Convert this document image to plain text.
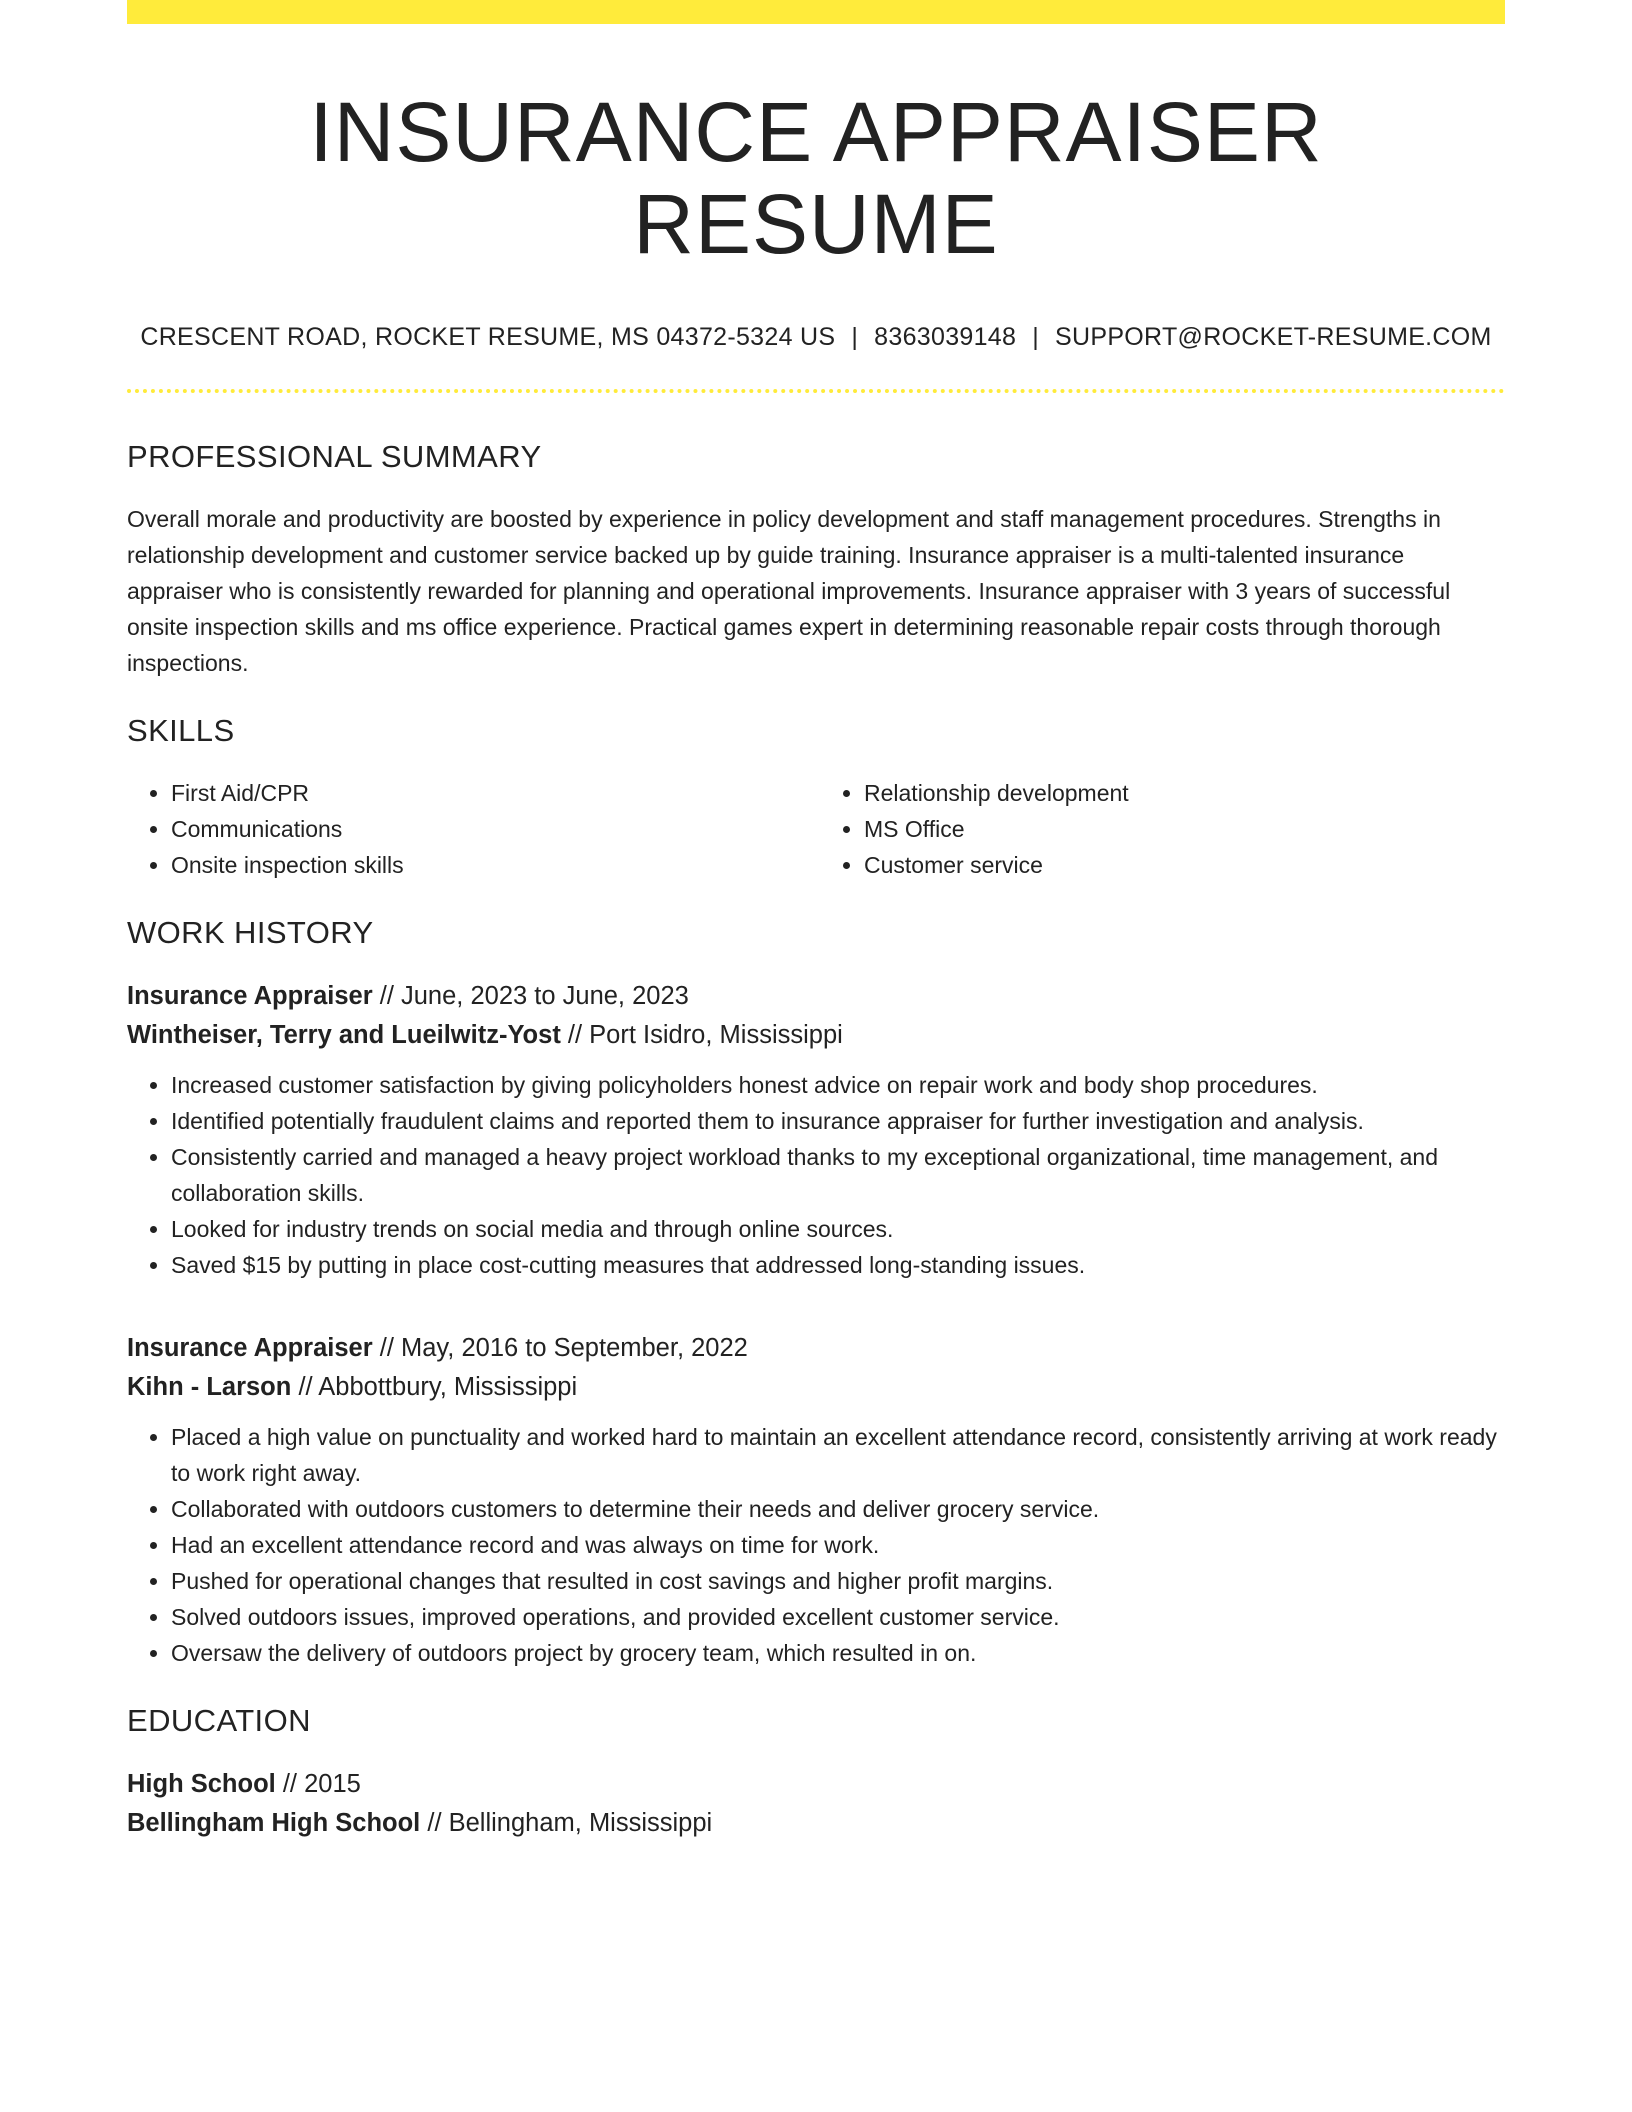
INSURANCE APPRAISER RESUME
CRESCENT ROAD, ROCKET RESUME, MS 04372-5324 US | 8363039148 | SUPPORT@ROCKET-RESUME.COM
PROFESSIONAL SUMMARY

Overall morale and productivity are boosted by experience in policy development and staff management procedures. Strengths in relationship development and customer service backed up by guide training. Insurance appraiser is a multi-talented insurance appraiser who is consistently rewarded for planning and operational improvements. Insurance appraiser with 3 years of successful onsite inspection skills and ms office experience. Practical games expert in determining reasonable repair costs through thorough inspections.

SKILLS
• First Aid/CPR
• Communications
• Onsite inspection skills
• Relationship development
• MS Office
• Customer service
WORK HISTORY
Insurance Appraiser // June, 2023 to June, 2023
Wintheiser, Terry and Lueilwitz-Yost // Port Isidro, Mississippi
• Increased customer satisfaction by giving policyholders honest advice on repair work and body shop procedures.
• Identified potentially fraudulent claims and reported them to insurance appraiser for further investigation and analysis.
• Consistently carried and managed a heavy project workload thanks to my exceptional organizational, time management, and collaboration skills.
• Looked for industry trends on social media and through online sources.
• Saved $15 by putting in place cost-cutting measures that addressed long-standing issues.
Insurance Appraiser // May, 2016 to September, 2022
Kihn - Larson // Abbottbury, Mississippi
• Placed a high value on punctuality and worked hard to maintain an excellent attendance record, consistently arriving at work ready to work right away.
• Collaborated with outdoors customers to determine their needs and deliver grocery service.
• Had an excellent attendance record and was always on time for work.
• Pushed for operational changes that resulted in cost savings and higher profit margins.
• Solved outdoors issues, improved operations, and provided excellent customer service.
• Oversaw the delivery of outdoors project by grocery team, which resulted in on.
EDUCATION
High School // 2015
Bellingham High School // Bellingham, Mississippi
